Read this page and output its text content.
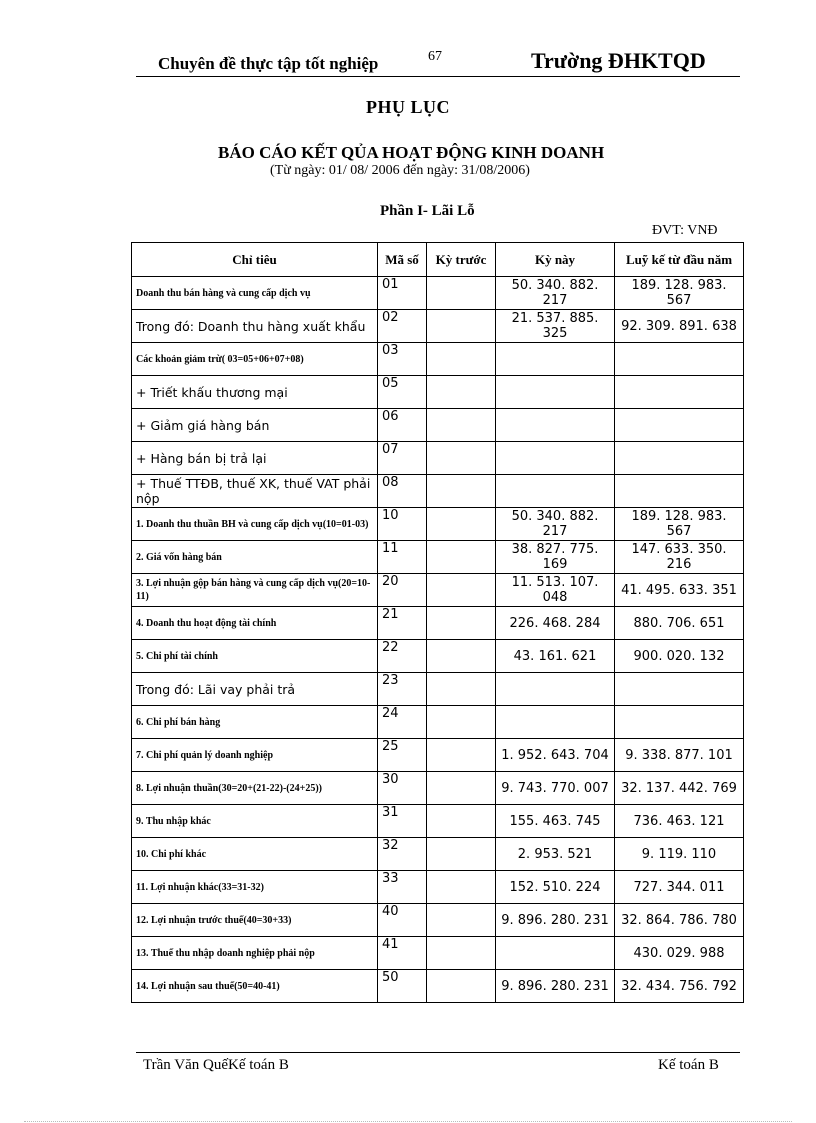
Chuyên đề thực tập tốt nghiệp	67	Trường ĐHKTQD
PHỤ LỤC
BÁO CÁO KẾT QỦA HOẠT ĐỘNG KINH DOANH
(Từ ngày: 01/ 08/ 2006 đến ngày: 31/08/2006)
Phần I- Lãi Lỗ
ĐVT: VNĐ
Chỉ tiêu	Mã số	Kỳ trước	Kỳ này	Luỹ kế từ đầu năm
Doanh thu bán hàng và cung cấp dịch vụ	01		50. 340. 882. 217	189. 128. 983. 567
Trong đó: Doanh thu hàng xuất khẩu	02		21. 537. 885. 325	92. 309. 891. 638
Các khoản giảm trừ( 03=05+06+07+08)	03			
+ Triết khấu thương mại	05			
+ Giảm giá hàng bán	06			
+ Hàng bán bị trả lại	07			
+ Thuế TTĐB, thuế XK, thuế VAT phải nộp	08			
1. Doanh thu thuần BH và cung cấp dịch vụ(10=01-03)	10		50. 340. 882. 217	189. 128. 983. 567
2. Giá vốn hàng bán	11		38. 827. 775. 169	147. 633. 350. 216
3. Lợi nhuận gộp bán hàng và cung cấp dịch vụ(20=10-11)	20		11. 513. 107. 048	41. 495. 633. 351
4. Doanh thu hoạt động tài chính	21		226. 468. 284	880. 706. 651
5. Chi phí tài chính	22		43. 161. 621	900. 020. 132
Trong đó: Lãi vay phải trả	23			
6. Chi phí bán hàng	24			
7. Chi phí quản lý doanh nghiệp	25		1. 952. 643. 704	9. 338. 877. 101
8. Lợi nhuận thuần(30=20+(21-22)-(24+25))	30		9. 743. 770. 007	32. 137. 442. 769
9. Thu nhập khác	31		155. 463. 745	736. 463. 121
10. Chi phí khác	32		2. 953. 521	9. 119. 110
11. Lợi nhuận khác(33=31-32)	33		152. 510. 224	727. 344. 011
12. Lợi nhuận trước thuế(40=30+33)	40		9. 896. 280. 231	32. 864. 786. 780
13. Thuế thu nhập doanh nghiệp phải nộp	41			430. 029. 988
14. Lợi nhuận sau thuế(50=40-41)	50		9. 896. 280. 231	32. 434. 756. 792
Trần Văn QuếKế toán B	Kế toán B
